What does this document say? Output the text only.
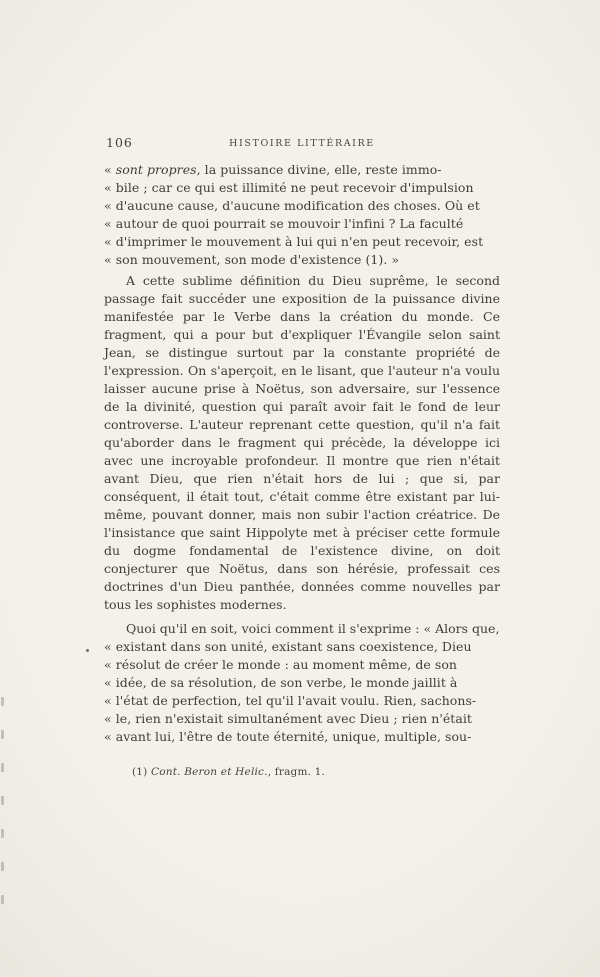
106	HISTOIRE LITTÉRAIRE
« sont propres, la puissance divine, elle, reste immo-
« bile ; car ce qui est illimité ne peut recevoir d'impulsion
« d'aucune cause, d'aucune modification des choses. Où et
« autour de quoi pourrait se mouvoir l'infini ? La faculté
« d'imprimer le mouvement à lui qui n'en peut recevoir, est
« son mouvement, son mode d'existence (1). »

A cette sublime définition du Dieu suprême, le second passage fait succéder une exposition de la puissance divine manifestée par le Verbe dans la création du monde. Ce fragment, qui a pour but d'expliquer l'Évangile selon saint Jean, se distingue surtout par la constante propriété de l'expression. On s'aperçoit, en le lisant, que l'auteur n'a voulu laisser aucune prise à Noëtus, son adversaire, sur l'essence de la divinité, question qui paraît avoir fait le fond de leur controverse. L'auteur reprenant cette question, qu'il n'a fait qu'aborder dans le fragment qui précède, la développe ici avec une incroyable profondeur. Il montre que rien n'était avant Dieu, que rien n'était hors de lui ; que si, par conséquent, il était tout, c'était comme être existant par lui-même, pouvant donner, mais non subir l'action créatrice. De l'insistance que saint Hippolyte met à préciser cette formule du dogme fondamental de l'existence divine, on doit conjecturer que Noëtus, dans son hérésie, professait ces doctrines d'un Dieu panthée, données comme nouvelles par tous les sophistes modernes.

Quoi qu'il en soit, voici comment il s'exprime : « Alors que,

« existant dans son unité, existant sans coexistence, Dieu
« résolut de créer le monde : au moment même, de son
« idée, de sa résolution, de son verbe, le monde jaillit à
« l'état de perfection, tel qu'il l'avait voulu. Rien, sachons-
« le, rien n'existait simultanément avec Dieu ; rien n'était
« avant lui, l'être de toute éternité, unique, multiple, sou-
(1) Cont. Beron et Helic., fragm. 1.
